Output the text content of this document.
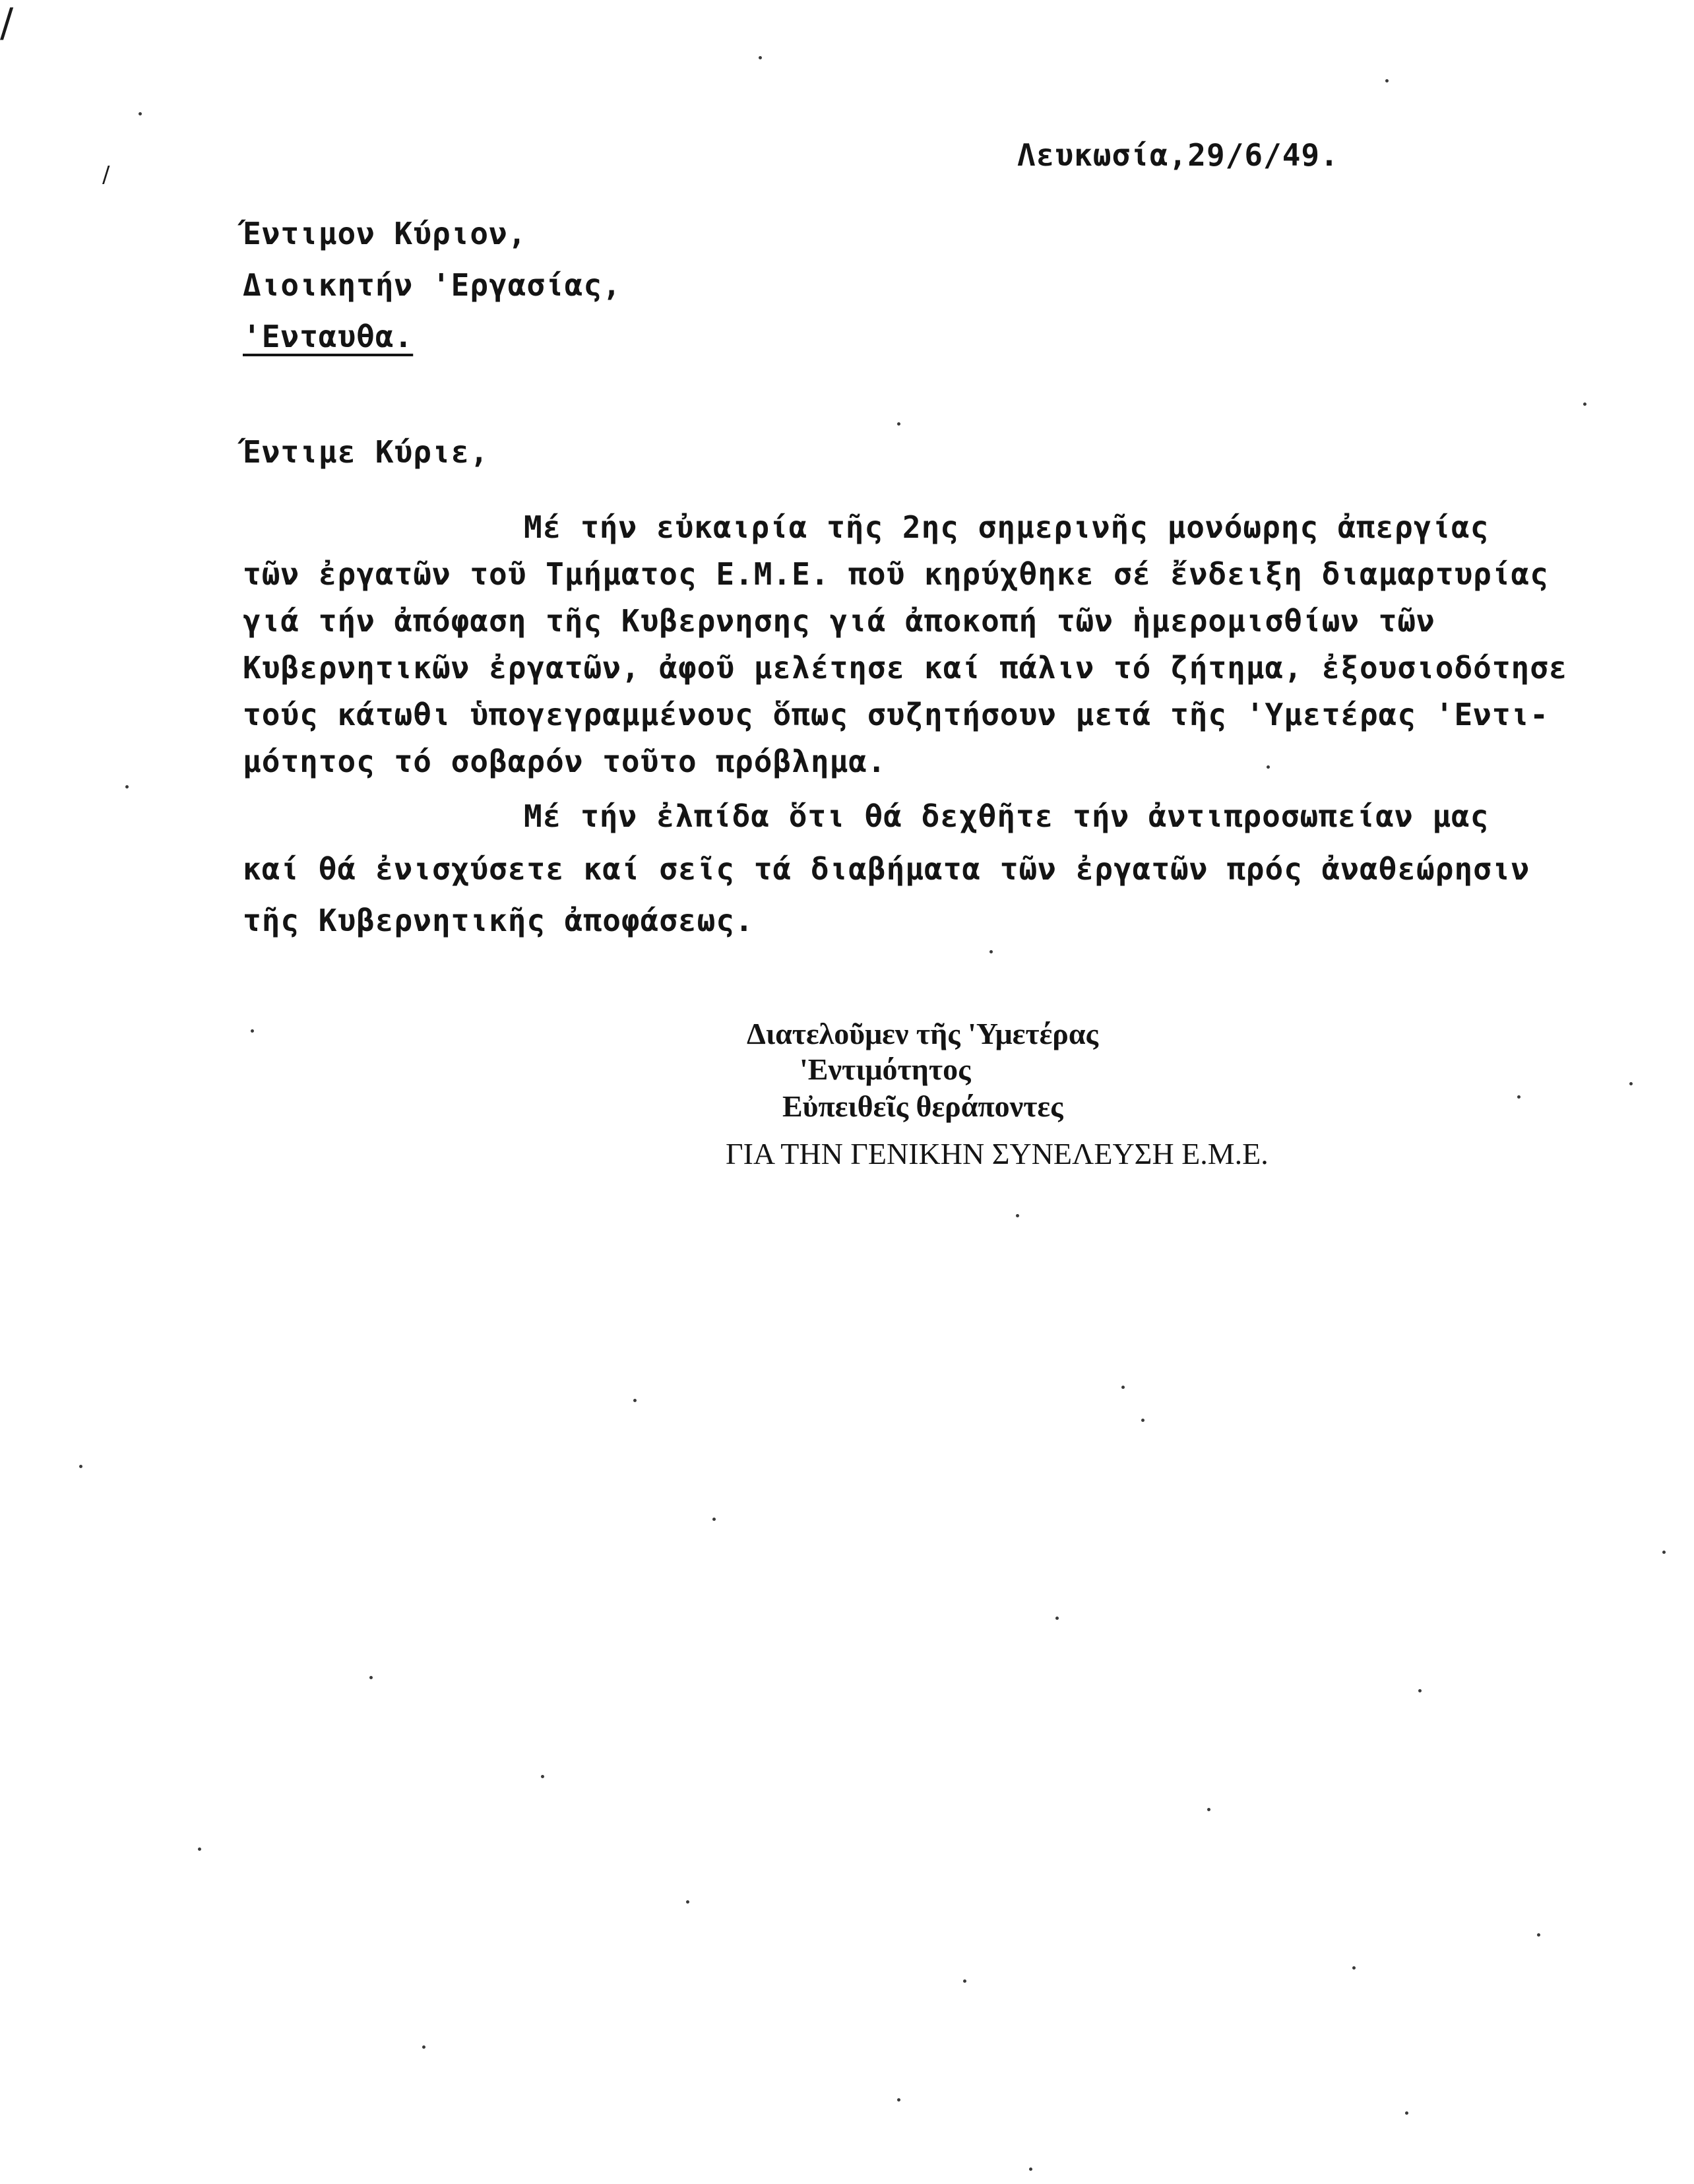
/
/
Λευκωσία,29/6/49.
Έντιμον Κύριον,
Διοικητήν 'Εργασίας,
'Ενταυθα.
Έντιμε Κύριε,
Μέ τήν εὐκαιρία τῆς 2ης σημερινῆς μονόωρης ἀπεργίας
τῶν ἐργατῶν τοῦ Τμήματος Ε.Μ.Ε. ποῦ κηρύχθηκε σέ ἔνδειξη διαμαρτυρίας
γιά τήν ἀπόφαση τῆς Κυβερνησης γιά ἀποκοπή τῶν ἡμερομισθίων τῶν
Κυβερνητικῶν ἐργατῶν, ἀφοῦ μελέτησε καί πάλιν τό ζήτημα, ἐξουσιοδότησε
τούς κάτωθι ὑπογεγραμμένους ὅπως συζητήσουν μετά τῆς 'Υμετέρας 'Εντι-
μότητος τό σοβαρόν τοῦτο πρόβλημα.
Μέ τήν ἐλπίδα ὅτι θά δεχθῆτε τήν ἀντιπροσωπείαν μας
καί θά ἐνισχύσετε καί σεῖς τά διαβήματα τῶν ἐργατῶν πρός ἀναθεώρησιν
τῆς Κυβερνητικῆς ἀποφάσεως.
Διατελοῦμεν τῆς 'Υμετέρας
'Εντιμότητος
Εὐπειθεῖς θεράποντες
ΓΙΑ ΤΗΝ ΓΕΝΙΚΗΝ ΣΥΝΕΛΕΥΣΗ Ε.Μ.Ε.
